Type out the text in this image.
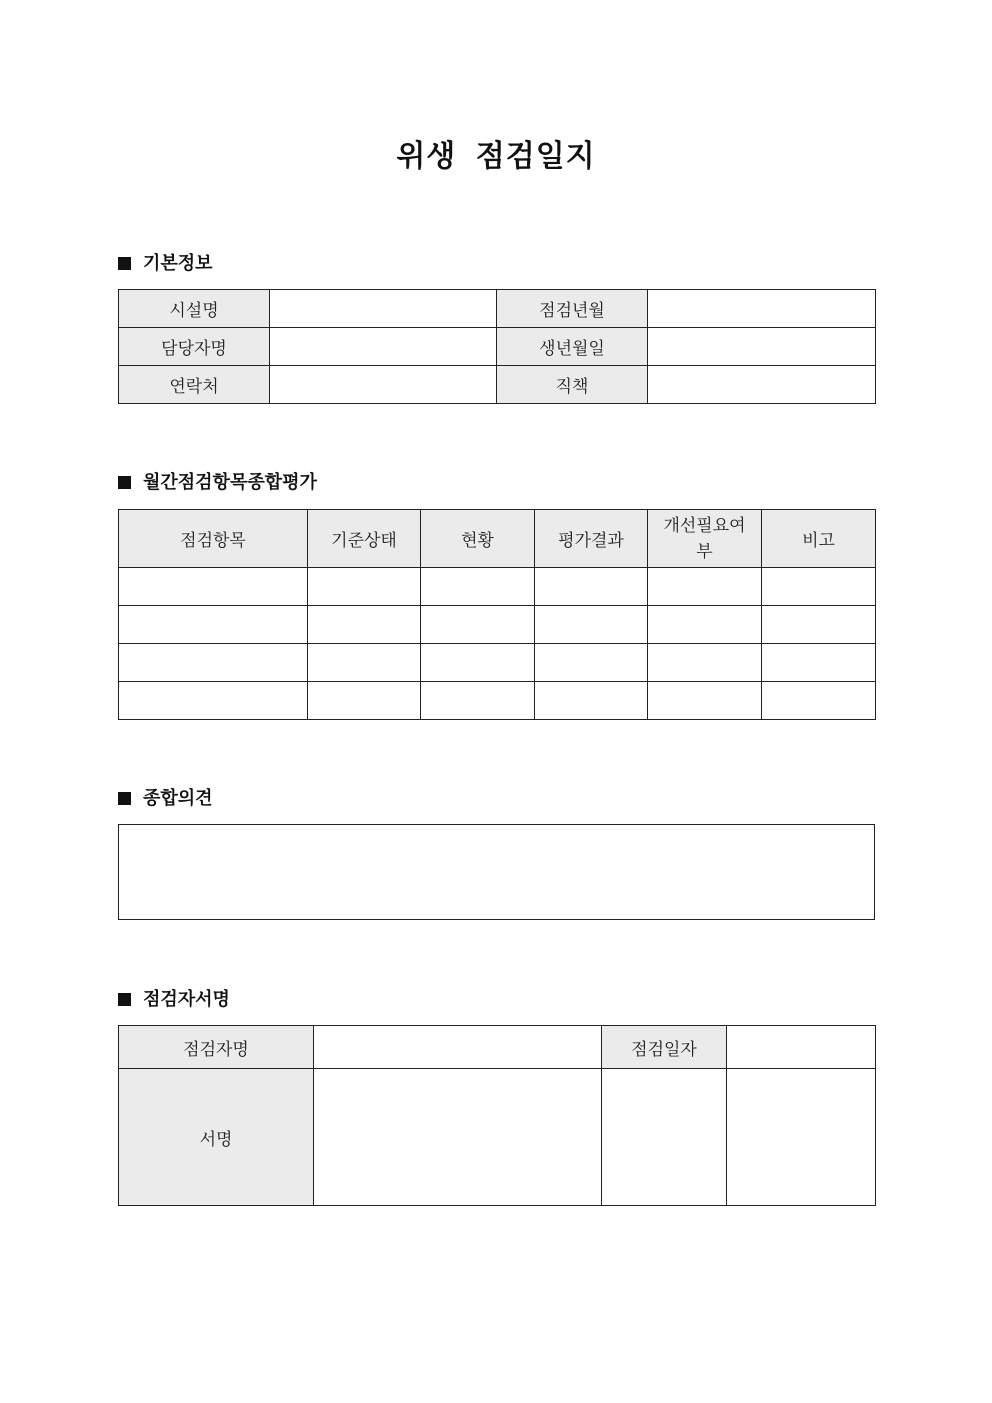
위생 점검일지
기본정보
시설명		점검년월	
담당자명		생년월일	
연락처		직책	
월간점검항목종합평가
점검항목	기준상태	현황	평가결과	개선필요여부	비고

종합의견
점검자서명
점검자명		점검일자	
서명			
